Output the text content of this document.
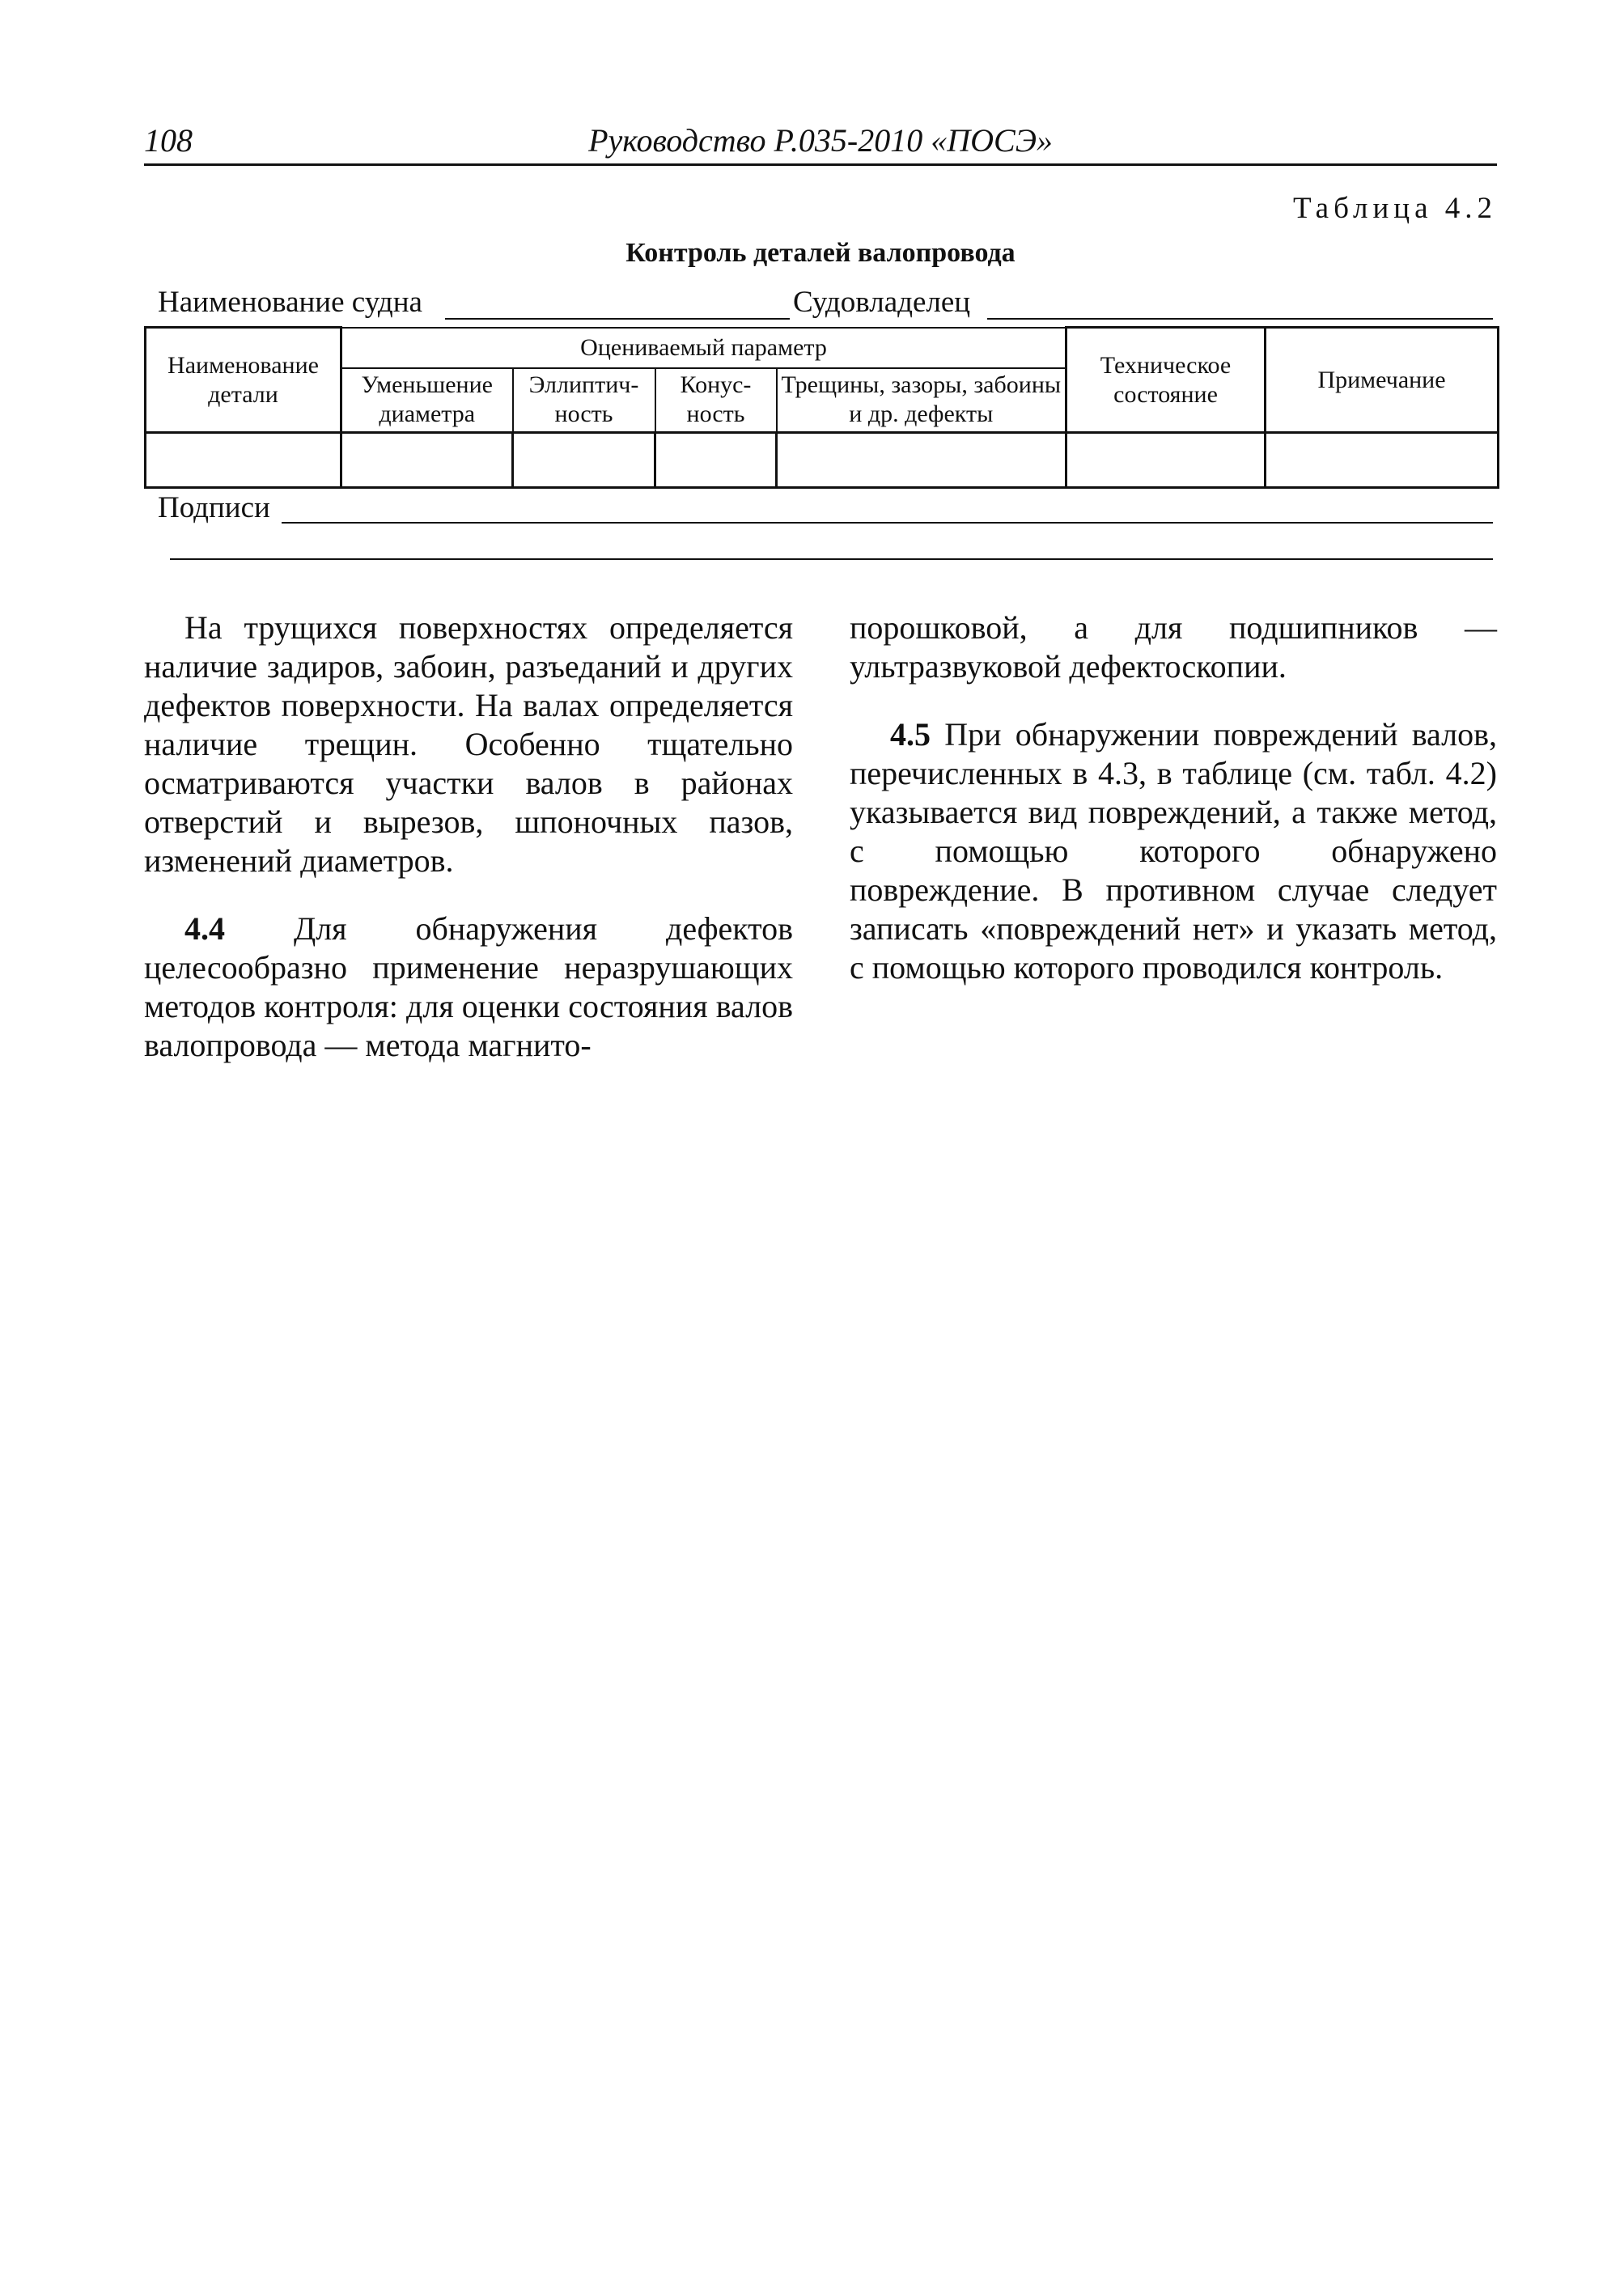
108	Руководство Р.035-2010 «ПОСЭ»
Таблица 4.2
Контроль деталей валопровода
Наименование судна	Судовладелец
Наименование детали	Оцениваемый параметр				Техническое состояние	Примечание
	Уменьшение диаметра	Эллиптич-ность	Конус-ность	Трещины, зазоры, забоины и др. дефекты		

Подписи

На трущихся поверхностях определяется наличие задиров, забоин, разъеданий и других дефектов поверхности. На валах определяется наличие трещин. Особенно тщательно осматриваются участки валов в районах отверстий и вырезов, шпоночных пазов, изменений диаметров.

4.4 Для обнаружения дефектов целесообразно применение неразрушающих методов контроля: для оценки состояния валов валопровода — метода магнито-

порошковой, а для подшипников — ультразвуковой дефектоскопии.

4.5 При обнаружении повреждений валов, перечисленных в 4.3, в таблице (см. табл. 4.2) указывается вид повреждений, а также метод, с помощью которого обнаружено повреждение. В противном случае следует записать «повреждений нет» и указать метод, с помощью которого проводился контроль.
